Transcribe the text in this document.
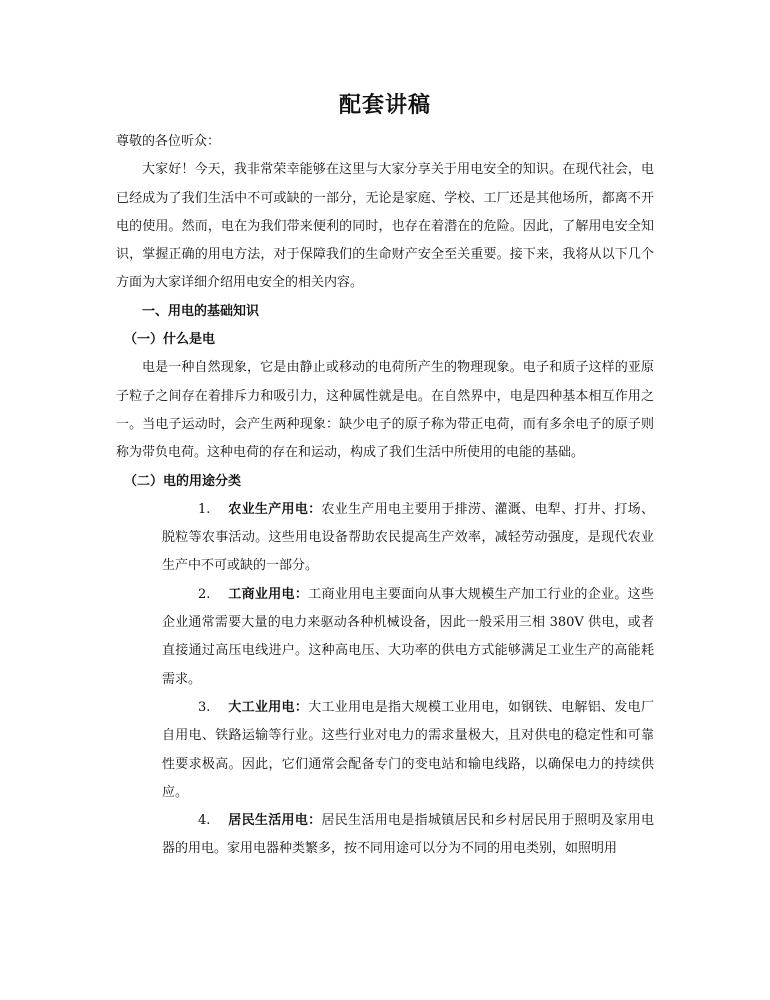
配套讲稿

尊敬的各位听众：

大家好！今天，我非常荣幸能够在这里与大家分享关于用电安全的知识。在现代社会，电已经成为了我们生活中不可或缺的一部分，无论是家庭、学校、工厂还是其他场所，都离不开电的使用。然而，电在为我们带来便利的同时，也存在着潜在的危险。因此，了解用电安全知识，掌握正确的用电方法，对于保障我们的生命财产安全至关重要。接下来，我将从以下几个方面为大家详细介绍用电安全的相关内容。

一、用电的基础知识

（一）什么是电

电是一种自然现象，它是由静止或移动的电荷所产生的物理现象。电子和质子这样的亚原子粒子之间存在着排斥力和吸引力，这种属性就是电。在自然界中，电是四种基本相互作用之一。当电子运动时，会产生两种现象：缺少电子的原子称为带正电荷，而有多余电子的原子则称为带负电荷。这种电荷的存在和运动，构成了我们生活中所使用的电能的基础。

（二）电的用途分类

1. 农业生产用电：农业生产用电主要用于排涝、灌溉、电犁、打井、打场、脱粒等农事活动。这些用电设备帮助农民提高生产效率，减轻劳动强度，是现代农业生产中不可或缺的一部分。

2. 工商业用电：工商业用电主要面向从事大规模生产加工行业的企业。这些企业通常需要大量的电力来驱动各种机械设备，因此一般采用三相 380V 供电，或者直接通过高压电线进户。这种高电压、大功率的供电方式能够满足工业生产的高能耗需求。

3. 大工业用电：大工业用电是指大规模工业用电，如钢铁、电解铝、发电厂自用电、铁路运输等行业。这些行业对电力的需求量极大，且对供电的稳定性和可靠性要求极高。因此，它们通常会配备专门的变电站和输电线路，以确保电力的持续供应。

4. 居民生活用电：居民生活用电是指城镇居民和乡村居民用于照明及家用电器的用电。家用电器种类繁多，按不同用途可以分为不同的用电类别，如照明用
